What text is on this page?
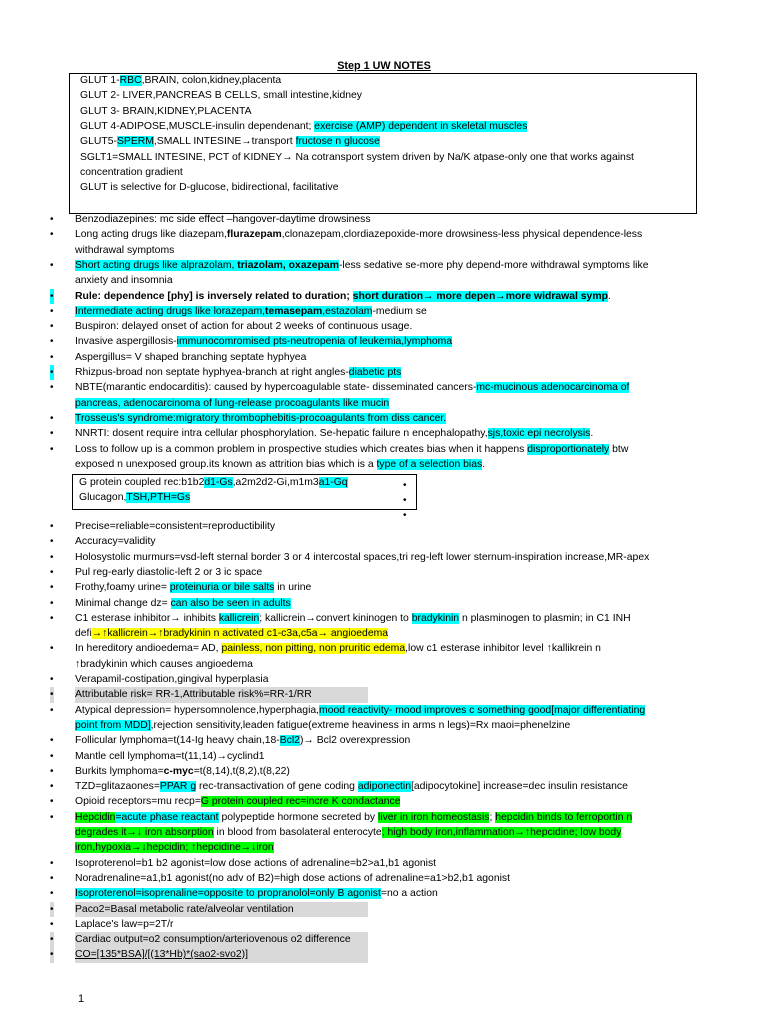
Step 1 UW NOTES
GLUT 1-RBC,BRAIN, colon,kidney,placenta
GLUT 2- LIVER,PANCREAS B CELLS, small intestine,kidney
GLUT 3- BRAIN,KIDNEY,PLACENTA
GLUT 4-ADIPOSE,MUSCLE-insulin dependenant; exercise (AMP) dependent in skeletal muscles
GLUT5-SPERM,SMALL INTESINE→transport fructose n glucose
SGLT1=SMALL INTESINE, PCT of KIDNEY→ Na cotransport system driven by Na/K atpase-only one that works against
concentration gradient
GLUT is selective for D-glucose, bidirectional, facilitative
• Benzodiazepines: mc side effect –hangover-daytime drowsiness
• Long acting drugs like diazepam,flurazepam,clonazepam,clordiazepoxide-more drowsiness-less physical dependence-less
withdrawal symptoms
• Short acting drugs like alprazolam, triazolam, oxazepam-less sedative se-more phy depend-more withdrawal symptoms like
anxiety and insomnia
• Rule: dependence [phy] is inversely related to duration; short duration→ more depen→more widrawal symp.
• Intermediate acting drugs like lorazepam,temasepam,estazolam-medium se
• Buspiron: delayed onset of action for about 2 weeks of continuous usage.
• Invasive aspergillosis-immunocomromised pts-neutropenia of leukemia,lymphoma
• Aspergillus= V shaped branching septate hyphyea
• Rhizpus-broad non septate hyphyea-branch at right angles-diabetic pts
• NBTE(marantic endocarditis): caused by hypercoagulable state- disseminated cancers-mc-mucinous adenocarcinoma of
pancreas, adenocarcinoma of lung-release procoagulants like mucin
• Trosseus's syndrome:migratory thrombophebitis-procoagulants from diss cancer.
• NNRTI: dosent require intra cellular phosphorylation. Se-hepatic failure n encephalopathy,sjs,toxic epi necrolysis.
• Loss to follow up is a common problem in prospective studies which creates bias when it happens disproportionately btw
exposed n unexposed group.its known as attrition bias which is a type of a selection bias.
G protein coupled rec:b1b2d1-Gs,a2m2d2-Gi,m1m3a1-Gq
Glucagon,TSH,PTH=Gs
•
•
•
• Precise=reliable=consistent=reproductibility
• Accuracy=validity
• Holosystolic murmurs=vsd-left sternal border 3 or 4 intercostal spaces,tri reg-left lower sternum-inspiration increase,MR-apex
• Pul reg-early diastolic-left 2 or 3 ic space
• Frothy,foamy urine= proteinuria or bile salts in urine
• Minimal change dz= can also be seen in adults
• C1 esterase inhibitor→ inhibits kallicrein; kallicrein→convert kininogen to bradykinin n plasminogen to plasmin; in C1 INH
defi→↑kallicrein→↑bradykinin n activated c1-c3a,c5a→ angioedema
• In hereditory andioedema= AD, painless, non pitting, non pruritic edema,low c1 esterase inhibitor level ↑kallikrein n
↑bradykinin which causes angioedema
• Verapamil-costipation,gingival hyperplasia
• Attributable risk= RR-1,Attributable risk%=RR-1/RR
• Atypical depression= hypersomnolence,hyperphagia,mood reactivity- mood improves c something good[major differentiating
point from MDD],rejection sensitivity,leaden fatigue(extreme heaviness in arms n legs)=Rx maoi=phenelzine
• Follicular lymphoma=t(14-Ig heavy chain,18-Bcl2)→ Bcl2 overexpression
• Mantle cell lymphoma=t(11,14)→cyclind1
• Burkits lymphoma=c-myc=t(8,14),t(8,2),t(8,22)
• TZD=glitazaones=PPAR g rec-transactivation of gene coding adiponectin[adipocytokine] increase=dec insulin resistance
• Opioid receptors=mu recp=G protein coupled rec=incre K condactance
• Hepcidin=acute phase reactant polypeptide hormone secreted by liver in iron homeostasis; hepcidin binds to ferroportin n
degrades it→↓ iron absorption in blood from basolateral enterocyte; high body iron,inflammation→↑hepcidine; low body
iron,hypoxia→↓hepcidin; ↑hepcidine→↓iron
• Isoproterenol=b1 b2 agonist=low dose actions of adrenaline=b2>a1,b1 agonist
• Noradrenaline=a1,b1 agonist(no adv of B2)=high dose actions of adrenaline=a1>b2,b1 agonist
• Isoproterenol=isoprenaline=opposite to propranolol=only B agonist=no a action
• Paco2=Basal metabolic rate/alveolar ventilation
• Laplace's law=p=2T/r
• Cardiac output=o2 consumption/arteriovenous o2 difference
• CO=[135*BSA]/[(13*Hb)*(sao2-svo2)]
1
